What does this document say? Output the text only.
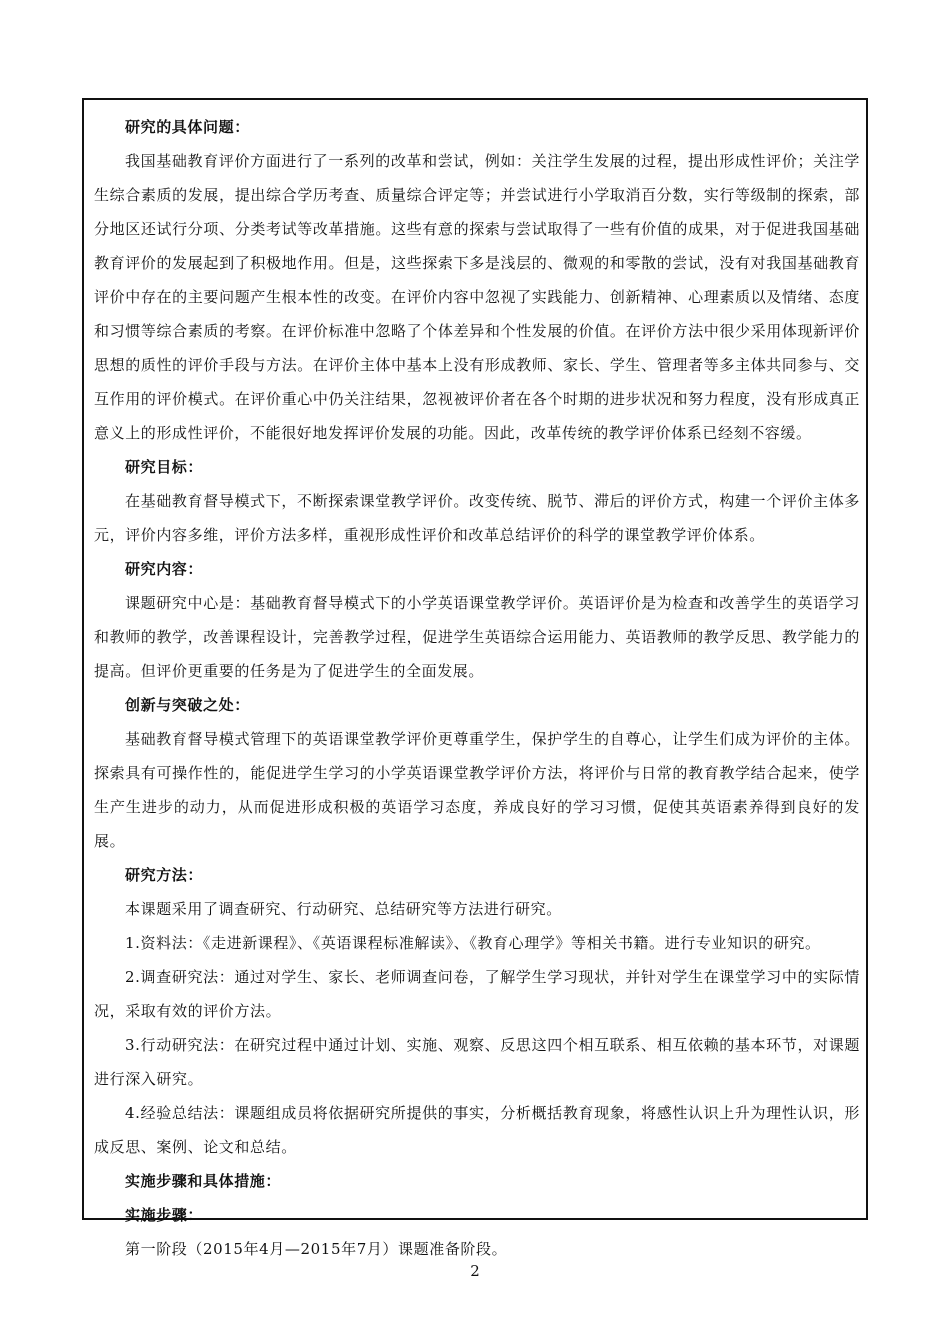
研究的具体问题：

我国基础教育评价方面进行了一系列的改革和尝试，例如：关注学生发展的过程，提出形成性评价；关注学生综合素质的发展，提出综合学历考查、质量综合评定等；并尝试进行小学取消百分数，实行等级制的探索，部分地区还试行分项、分类考试等改革措施。这些有意的探索与尝试取得了一些有价值的成果，对于促进我国基础教育评价的发展起到了积极地作用。但是，这些探索下多是浅层的、微观的和零散的尝试，没有对我国基础教育评价中存在的主要问题产生根本性的改变。在评价内容中忽视了实践能力、创新精神、心理素质以及情绪、态度和习惯等综合素质的考察。在评价标准中忽略了个体差异和个性发展的价值。在评价方法中很少采用体现新评价思想的质性的评价手段与方法。在评价主体中基本上没有形成教师、家长、学生、管理者等多主体共同参与、交互作用的评价模式。在评价重心中仍关注结果，忽视被评价者在各个时期的进步状况和努力程度，没有形成真正意义上的形成性评价，不能很好地发挥评价发展的功能。因此，改革传统的教学评价体系已经刻不容缓。

研究目标：

在基础教育督导模式下，不断探索课堂教学评价。改变传统、脱节、滞后的评价方式，构建一个评价主体多元，评价内容多维，评价方法多样，重视形成性评价和改革总结评价的科学的课堂教学评价体系。

研究内容：

课题研究中心是：基础教育督导模式下的小学英语课堂教学评价。英语评价是为检查和改善学生的英语学习和教师的教学，改善课程设计，完善教学过程，促进学生英语综合运用能力、英语教师的教学反思、教学能力的提高。但评价更重要的任务是为了促进学生的全面发展。

创新与突破之处：

基础教育督导模式管理下的英语课堂教学评价更尊重学生，保护学生的自尊心，让学生们成为评价的主体。探索具有可操作性的，能促进学生学习的小学英语课堂教学评价方法，将评价与日常的教育教学结合起来，使学生产生进步的动力，从而促进形成积极的英语学习态度，养成良好的学习习惯，促使其英语素养得到良好的发展。

研究方法：

本课题采用了调查研究、行动研究、总结研究等方法进行研究。

1.资料法：《走进新课程》、《英语课程标准解读》、《教育心理学》等相关书籍。进行专业知识的研究。

2.调查研究法：通过对学生、家长、老师调查问卷，了解学生学习现状，并针对学生在课堂学习中的实际情况，采取有效的评价方法。

3.行动研究法：在研究过程中通过计划、实施、观察、反思这四个相互联系、相互依赖的基本环节，对课题进行深入研究。

4.经验总结法：课题组成员将依据研究所提供的事实，分析概括教育现象，将感性认识上升为理性认识，形成反思、案例、论文和总结。

实施步骤和具体措施：

实施步骤：

第一阶段（2015年4月—2015年7月）课题准备阶段。

2
